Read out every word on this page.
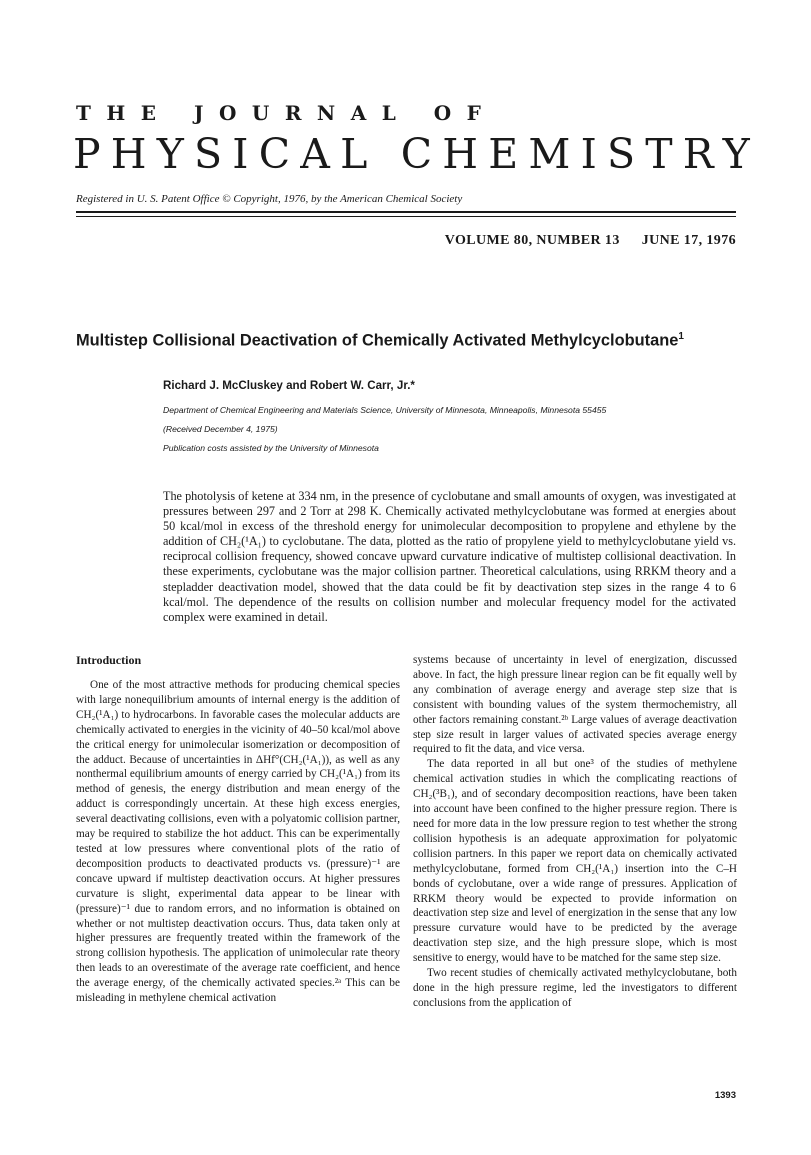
THE JOURNAL OF
PHYSICAL CHEMISTRY
Registered in U. S. Patent Office © Copyright, 1976, by the American Chemical Society
VOLUME 80, NUMBER 13 JUNE 17, 1976
Multistep Collisional Deactivation of Chemically Activated Methylcyclobutane$^1$
Richard J. McCluskey and Robert W. Carr, Jr.*
Department of Chemical Engineering and Materials Science, University of Minnesota, Minneapolis, Minnesota 55455
(Received December 4, 1975)
Publication costs assisted by the University of Minnesota
The photolysis of ketene at 334 nm, in the presence of cyclobutane and small amounts of oxygen, was investigated at pressures between 297 and 2 Torr at 298 K. Chemically activated methylcyclobutane was formed at energies about 50 kcal/mol in excess of the threshold energy for unimolecular decomposition to propylene and ethylene by the addition of CH₂(¹A₁) to cyclobutane. The data, plotted as the ratio of propylene yield to methylcyclobutane yield vs. reciprocal collision frequency, showed concave upward curvature indicative of multistep collisional deactivation. In these experiments, cyclobutane was the major collision partner. Theoretical calculations, using RRKM theory and a stepladder deactivation model, showed that the data could be fit by deactivation step sizes in the range 4 to 6 kcal/mol. The dependence of the results on collision number and molecular frequency model for the activated complex were examined in detail.
Introduction

One of the most attractive methods for producing chemical species with large nonequilibrium amounts of internal energy is the addition of CH₂(¹A₁) to hydrocarbons. In favorable cases the molecular adducts are chemically activated to energies in the vicinity of 40–50 kcal/mol above the critical energy for unimolecular isomerization or decomposition of the adduct. Because of uncertainties in ΔHf°(CH₂(¹A₁)), as well as any nonthermal equilibrium amounts of energy carried by CH₂(¹A₁) from its method of genesis, the energy distribution and mean energy of the adduct is correspondingly uncertain. At these high excess energies, several deactivating collisions, even with a polyatomic collision partner, may be required to stabilize the hot adduct. This can be experimentally tested at low pressures where conventional plots of the ratio of decomposition products to deactivated products vs. (pressure)⁻¹ are concave upward if multistep deactivation occurs. At higher pressures curvature is slight, experimental data appear to be linear with (pressure)⁻¹ due to random errors, and no information is obtained on whether or not multistep deactivation occurs. Thus, data taken only at higher pressures are frequently treated within the framework of the strong collision hypothesis. The application of unimolecular rate theory then leads to an overestimate of the average rate coefficient, and hence the average energy, of the chemically activated species.²ᵃ This can be misleading in methylene chemical activation

systems because of uncertainty in level of energization, discussed above. In fact, the high pressure linear region can be fit equally well by any combination of average energy and average step size that is consistent with bounding values of the system thermochemistry, all other factors remaining constant.²ᵇ Large values of average deactivation step size result in larger values of activated species average energy required to fit the data, and vice versa.

The data reported in all but one³ of the studies of methylene chemical activation studies in which the complicating reactions of CH₂(³B₁), and of secondary decomposition reactions, have been taken into account have been confined to the higher pressure region. There is need for more data in the low pressure region to test whether the strong collision hypothesis is an adequate approximation for polyatomic collision partners. In this paper we report data on chemically activated methylcyclobutane, formed from CH₂(¹A₁) insertion into the C–H bonds of cyclobutane, over a wide range of pressures. Application of RRKM theory would be expected to provide information on deactivation step size and level of energization in the sense that any low pressure curvature would have to be predicted by the average deactivation step size, and the high pressure slope, which is most sensitive to energy, would have to be matched for the same step size.

Two recent studies of chemically activated methylcyclobutane, both done in the high pressure regime, led the investigators to different conclusions from the application of

1393
